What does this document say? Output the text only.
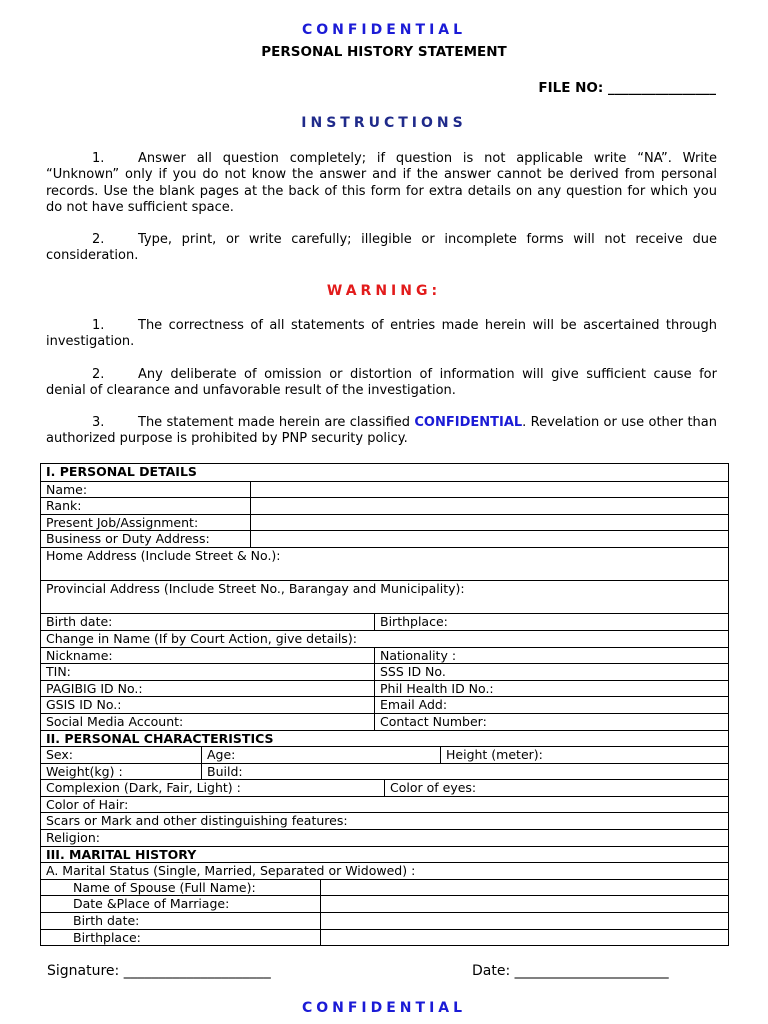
CONFIDENTIAL
PERSONAL HISTORY STATEMENT
FILE NO: ________________
INSTRUCTIONS
1.	Answer all question completely; if question is not applicable write “NA”. Write “Unknown” only if you do not know the answer and if the answer cannot be derived from personal records. Use the blank pages at the back of this form for extra details on any question for which you do not have sufficient space.
2.	Type, print, or write carefully; illegible or incomplete forms will not receive due consideration.
WARNING:
1.	The correctness of all statements of entries made herein will be ascertained through investigation.
2.	Any deliberate of omission or distortion of information will give sufficient cause for denial of clearance and unfavorable result of the investigation.
3.	The statement made herein are classified CONFIDENTIAL. Revelation or use other than authorized purpose is prohibited by PNP security policy.
I. PERSONAL DETAILS
Name:
Rank:
Present Job/Assignment:
Business or Duty Address:
Home Address (Include Street & No.):
Provincial Address (Include Street No., Barangay and Municipality):
Birth date:	Birthplace:
Change in Name (If by Court Action, give details):
Nickname:	Nationality :
TIN:	SSS ID No.
PAGIBIG ID No.:	Phil Health ID No.:
GSIS ID No.:	Email Add:
Social Media Account:	Contact Number:
II. PERSONAL CHARACTERISTICS
Sex:	Age:	Height (meter):
Weight(kg) :	Build:
Complexion (Dark, Fair, Light) :	Color of eyes:
Color of Hair:
Scars or Mark and other distinguishing features:
Religion:
III. MARITAL HISTORY
A. Marital Status (Single, Married, Separated or Widowed) :
Name of Spouse (Full Name):
Date &Place of Marriage:
Birth date:
Birthplace:
Signature: _____________________	Date: ______________________
CONFIDENTIAL
